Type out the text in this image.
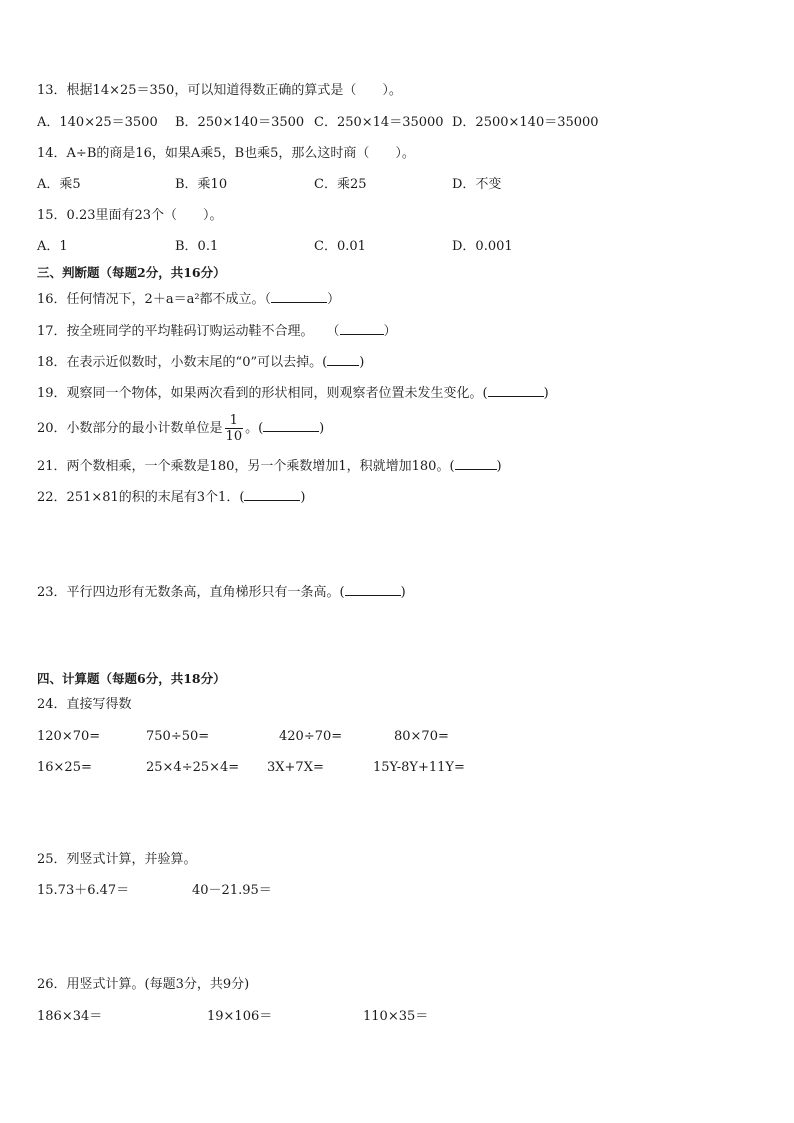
13．根据14×25＝350，可以知道得数正确的算式是（　　）。
A．140×25＝3500 B．250×140＝3500 C．250×14＝35000 D．2500×140＝35000
14．A÷B的商是16，如果A乘5，B也乘5，那么这时商（　　）。
A．乘5	B．乘10	C．乘25	D．不变
15．0.23里面有23个（　　）。
A．1	B．0.1	C．0.01	D．0.001
三、判断题（每题2分，共16分）
16．任何情况下，2＋a＝a²都不成立。（	）
17．按全班同学的平均鞋码订购运动鞋不合理。　　（	）
18．在表示近似数时，小数末尾的“0”可以去掉。( )
19．观察同一个物体，如果两次看到的形状相同，则观察者位置未发生变化。(	)
20．小数部分的最小计数单位是 $\frac{1}{10}$ 。(	)
21．两个数相乘，一个乘数是180，另一个乘数增加1，积就增加180。(	)
22．251×81的积的末尾有3个1．(	)
23．平行四边形有无数条高，直角梯形只有一条高。(	)
四、计算题（每题6分，共18分）
24．直接写得数
120×70=	750÷50=	420÷70=	80×70=
16×25=	25×4÷25×4= 3X+7X=	15Y-8Y+11Y=
25．列竖式计算，并验算。
15.73＋6.47＝	40－21.95＝
26．用竖式计算。(每题3分，共9分)
186×34＝	19×106＝	110×35＝
